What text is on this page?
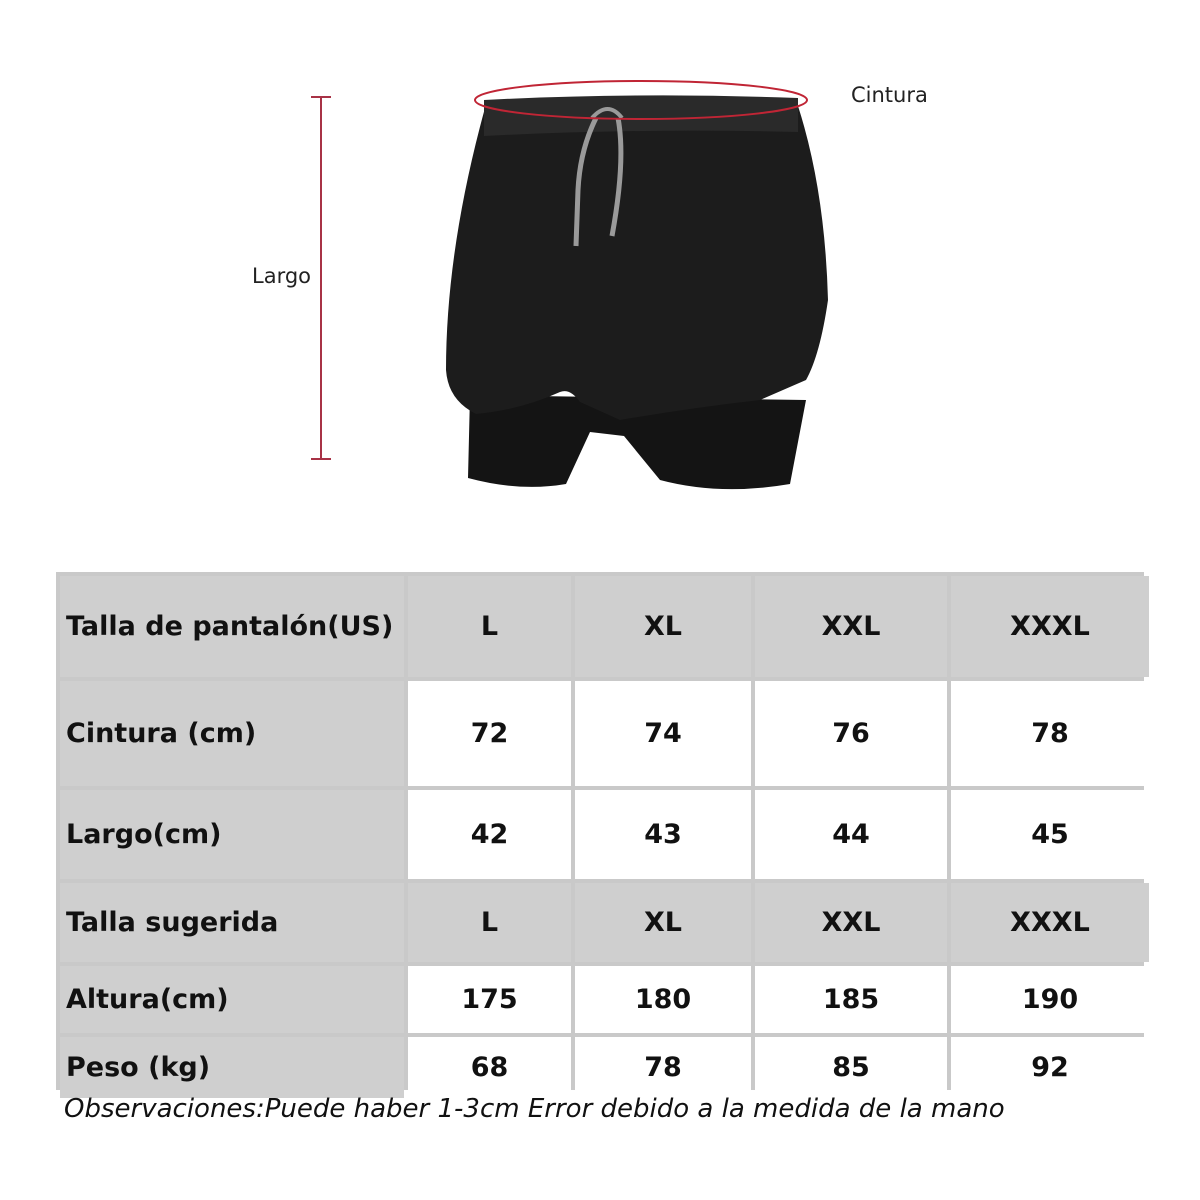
Largo
Cintura
Talla de pantalón(US)	L	XL	XXL	XXXL
Cintura (cm)	72	74	76	78
Largo(cm)	42	43	44	45
Talla sugerida	L	XL	XXL	XXXL
Altura(cm)	175	180	185	190
Peso (kg)	68	78	85	92
Observaciones:Puede haber 1-3cm Error debido a la medida de la mano
